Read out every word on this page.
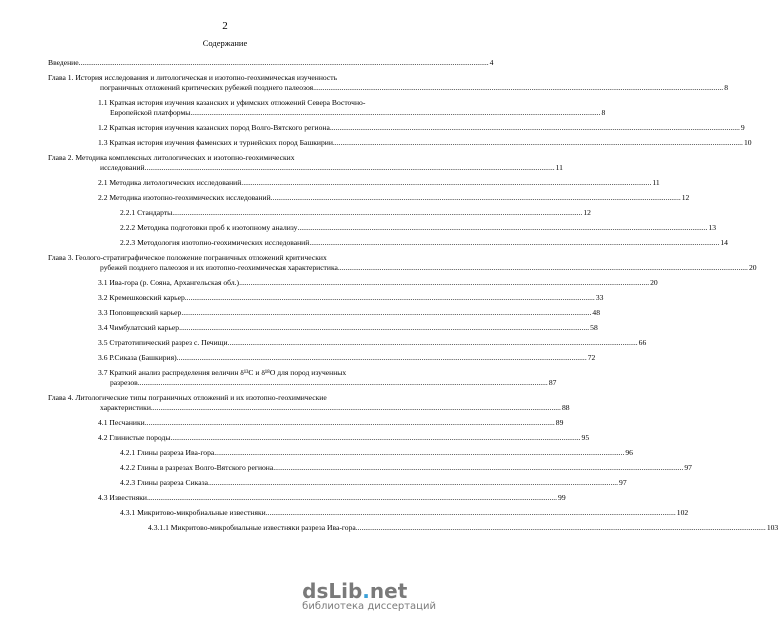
2
Содержание
Введение .....	4
Глава 1. История исследования и литологическая и изотопно-геохимическая изученность
пограничных отложений критических рубежей позднего палеозоя .....	8
1.1 Краткая история изучения казанских и уфимских отложений Севера Восточно-
Европейской платформы .....	8
1.2 Краткая история изучения казанских пород Волго-Вятского региона .....	9
1.3 Краткая история изучения фаменских и турнейских пород Башкирии .....	10
Глава 2. Методика комплексных литологических и изотопно-геохимических
исследований .....	11
2.1 Методика литологических исследований .....	11
2.2 Методика изотопно-геохимических исследований .....	12
2.2.1 Стандарты .....	12
2.2.2 Методика подготовки проб к изотопному анализу .....	13
2.2.3 Методология изотопно-геохимических исследований .....	14
Глава 3. Геолого-стратиграфическое положение пограничных отложений критических
рубежей позднего палеозоя и их изотопно-геохимическая характеристика .....	20
3.1 Ива-гора (р. Сояна, Архангельская обл.) .....	20
3.2 Кремешковский карьер .....	33
3.3 Поповщевский карьер .....	48
3.4 Чимбулатский карьер .....	58
3.5 Стратотипический разрез с. Печищи .....	66
3.6 Р.Сиказа (Башкирия) .....	72
3.7 Краткий анализ распределения величин δ¹³С и δ¹⁸О для пород изученных
разрезов .....	87
Глава 4. Литологические типы пограничных отложений и их изотопно-геохимические
характеристики .....	88
4.1 Песчаники .....	89
4.2 Глинистые породы .....	95
4.2.1 Глины разреза Ива-гора .....	96
4.2.2 Глины в разрезах Волго-Вятского региона .....	97
4.2.3 Глины разреза Сиказа .....	97
4.3 Известняки .....	99
4.3.1 Микритово-микробиальные известняки .....	102
4.3.1.1 Микритово-микробиальные известняки разреза Ива-гора .....	103
dsLib . net
библиотека диссертаций
